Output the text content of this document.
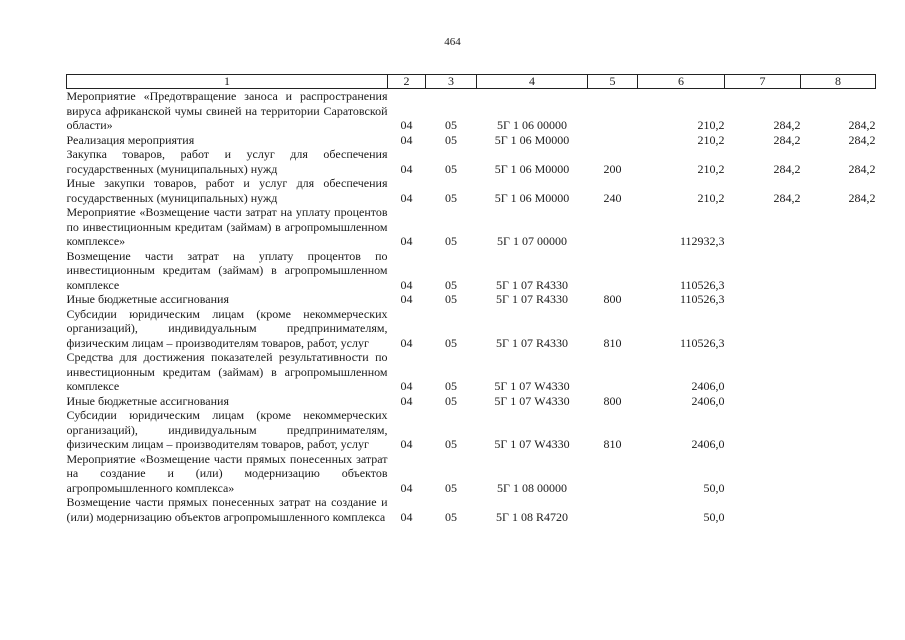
464
1	2	3	4	5	6	7	8
Мероприятие «Предотвращение заноса и распространения вируса африканской чумы свиней на территории Саратовской области»	04	05	5Г 1 06 00000		210,2	284,2	284,2
Реализация мероприятия	04	05	5Г 1 06 M0000		210,2	284,2	284,2
Закупка товаров, работ и услуг для обеспечения государственных (муниципальных) нужд	04	05	5Г 1 06 M0000	200	210,2	284,2	284,2
Иные закупки товаров, работ и услуг для обеспечения государственных (муниципальных) нужд	04	05	5Г 1 06 M0000	240	210,2	284,2	284,2
Мероприятие «Возмещение части затрат на уплату процентов по инвестиционным кредитам (займам) в агропромышленном комплексе»	04	05	5Г 1 07 00000		112932,3		
Возмещение части затрат на уплату процентов по инвестиционным кредитам (займам) в агропромышленном комплексе	04	05	5Г 1 07 R4330		110526,3		
Иные бюджетные ассигнования	04	05	5Г 1 07 R4330	800	110526,3		
Субсидии юридическим лицам (кроме некоммерческих организаций), индивидуальным предпринимателям, физическим лицам – производителям товаров, работ, услуг	04	05	5Г 1 07 R4330	810	110526,3		
Средства для достижения показателей результативности по инвестиционным кредитам (займам) в агропромышленном комплексе	04	05	5Г 1 07 W4330		2406,0		
Иные бюджетные ассигнования	04	05	5Г 1 07 W4330	800	2406,0		
Субсидии юридическим лицам (кроме некоммерческих организаций), индивидуальным предпринимателям, физическим лицам – производителям товаров, работ, услуг	04	05	5Г 1 07 W4330	810	2406,0		
Мероприятие «Возмещение части прямых понесенных затрат на создание и (или) модернизацию объектов агропромышленного комплекса»	04	05	5Г 1 08 00000		50,0		
Возмещение части прямых понесенных затрат на создание и (или) модернизацию объектов агропромышленного комплекса	04	05	5Г 1 08 R4720		50,0		
